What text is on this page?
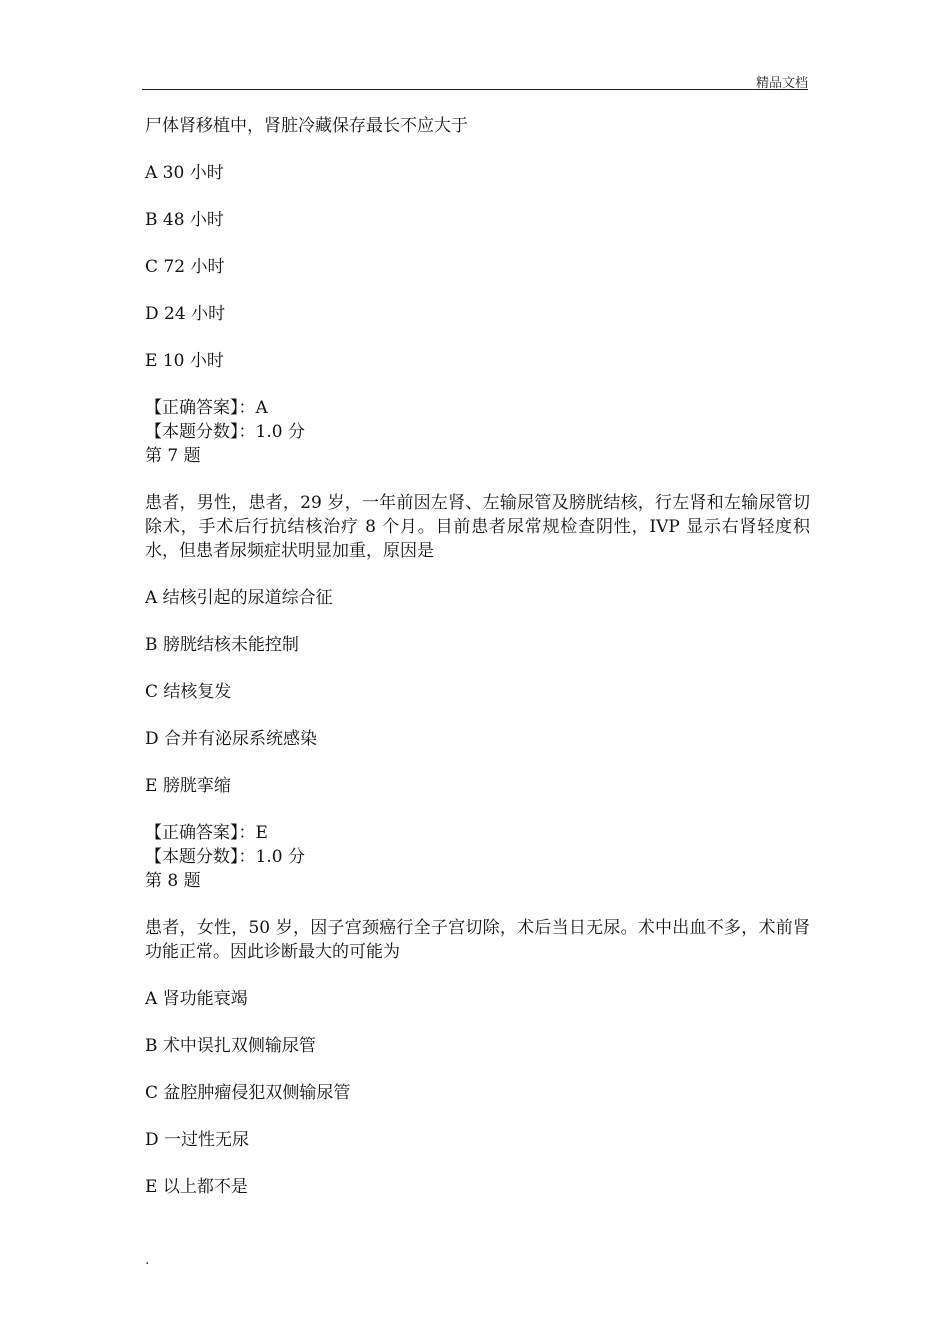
精品文档

尸体肾移植中，肾脏冷藏保存最长不应大于

A 30 小时

B 48 小时

C 72 小时

D 24 小时

E 10 小时

【正确答案】：A

【本题分数】：1.0 分

第 7 题

患者，男性，患者，29 岁，一年前因左肾、左输尿管及膀胱结核，行左肾和左输尿管切除术，手术后行抗结核治疗 8 个月。目前患者尿常规检查阴性，IVP 显示右肾轻度积水，但患者尿频症状明显加重，原因是

A 结核引起的尿道综合征

B 膀胱结核未能控制

C 结核复发

D 合并有泌尿系统感染

E 膀胱挛缩

【正确答案】：E

【本题分数】：1.0 分

第 8 题

患者，女性，50 岁，因子宫颈癌行全子宫切除，术后当日无尿。术中出血不多，术前肾功能正常。因此诊断最大的可能为

A 肾功能衰竭

B 术中误扎双侧输尿管

C 盆腔肿瘤侵犯双侧输尿管

D 一过性无尿

E 以上都不是

.
